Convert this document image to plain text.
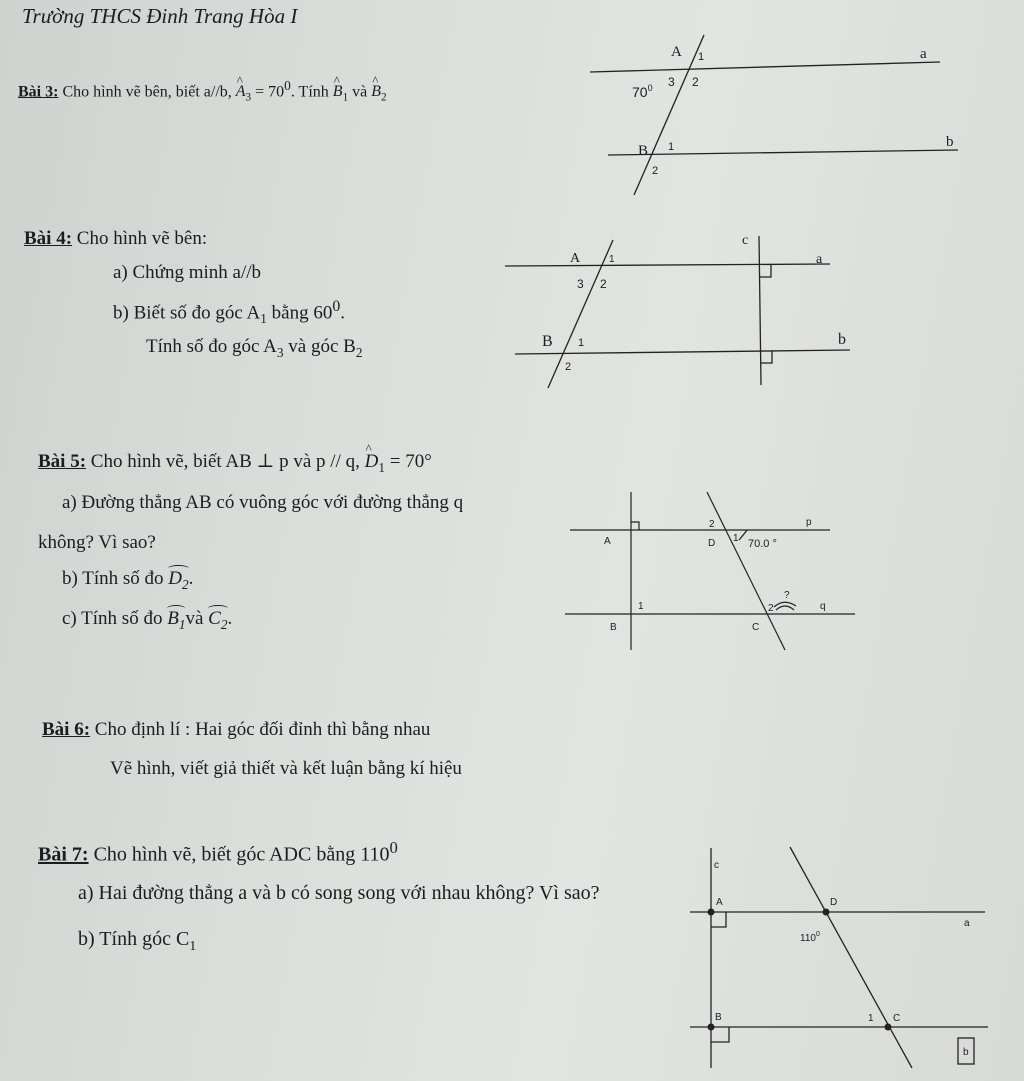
Trường THCS Đinh Trang Hòa I
Bài 3: Cho hình vẽ bên, biết a//b, ^ $A_3 = 70^0$. Tính ^ $B_1$ và ^ $B_2$
Bài 4: Cho hình vẽ bên:
a) Chứng minh a//b
b) Biết số đo góc $A_1$ bằng $60^0$.
Tính số đo góc $A_3$ và góc $B_2$
Bài 5: Cho hình vẽ, biết AB ⊥ p và p // q, ^ $D_1 = 70^\circ$
a) Đường thẳng AB có vuông góc với đường thẳng q
không? Vì sao?
b) Tính số đo $D_2$.
c) Tính số đo $B_1và$ $C_2$.
Bài 6: Cho định lí : Hai góc đối đỉnh thì bằng nhau
Vẽ hình, viết giả thiết và kết luận bằng kí hiệu
Bài 7: Cho hình vẽ, biết góc ADC bằng $110^0$
a) Hai đường thẳng a và b có song song với nhau không? Vì sao?
b) Tính góc $C_1$
A 1	a
3 2
$70^0$
B 1
2
b
A	1
3 2
c
a
B 1
2
b
A	D
2
1 70.0 °
p
?
2	q
1
B	C
c
A	D
a
$110^0$
B	1 C
b
